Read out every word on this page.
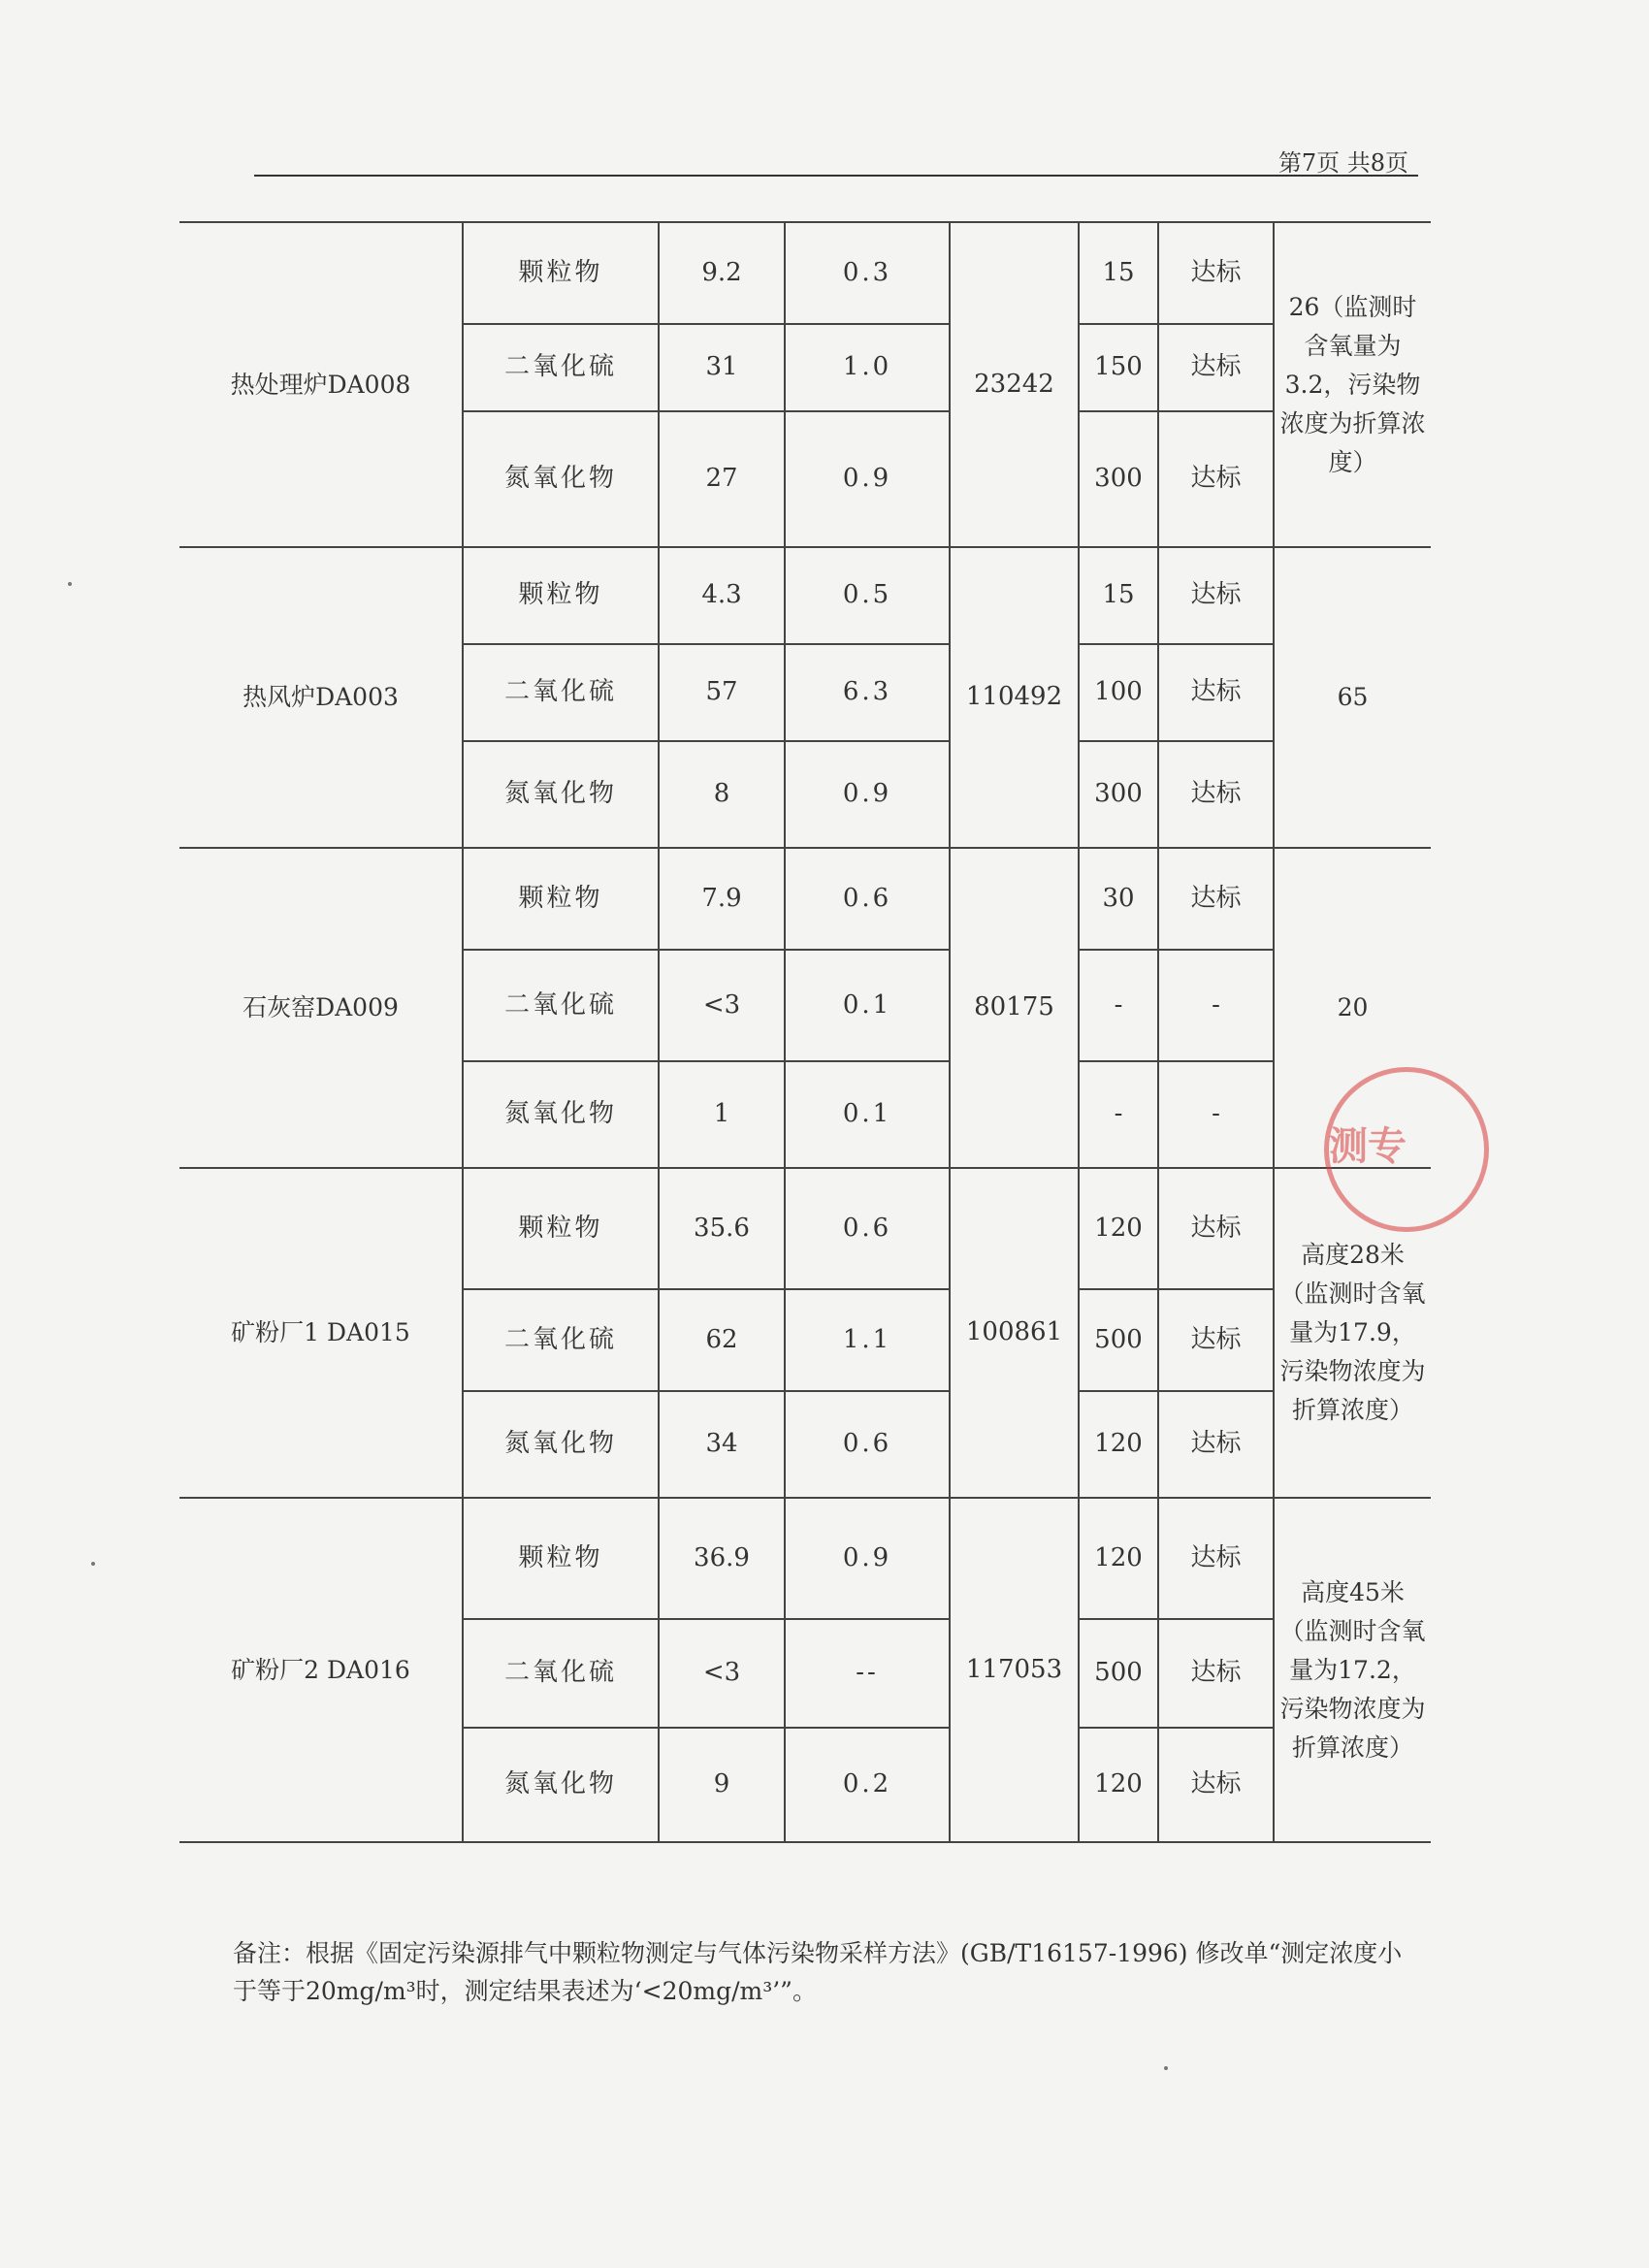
第7页 共8页
热处理炉DA008	颗粒物	9.2	0.3	23242	15	达标	26（监测时含氧量为3.2，污染物浓度为折算浓度）
	二氧化硫	31	1.0		150	达标	
	氮氧化物	27	0.9		300	达标	
热风炉DA003	颗粒物	4.3	0.5	110492	15	达标	65
	二氧化硫	57	6.3		100	达标	
	氮氧化物	8	0.9		300	达标	
石灰窑DA009	颗粒物	7.9	0.6	80175	30	达标	20
	二氧化硫	<3	0.1		-	-	
	氮氧化物	1	0.1		-	-	
矿粉厂1 DA015	颗粒物	35.6	0.6	100861	120	达标	高度28米（监测时含氧量为17.9，污染物浓度为折算浓度）
	二氧化硫	62	1.1		500	达标	
	氮氧化物	34	0.6		120	达标	
矿粉厂2 DA016	颗粒物	36.9	0.9	117053	120	达标	高度45米（监测时含氧量为17.2，污染物浓度为折算浓度）
	二氧化硫	<3	--		500	达标	
	氮氧化物	9	0.2		120	达标	
测专
备注：根据《固定污染源排气中颗粒物测定与气体污染物采样方法》(GB/T16157-1996) 修改单“测定浓度小于等于20mg/m³时，测定结果表述为‘<20mg/m³’”。
